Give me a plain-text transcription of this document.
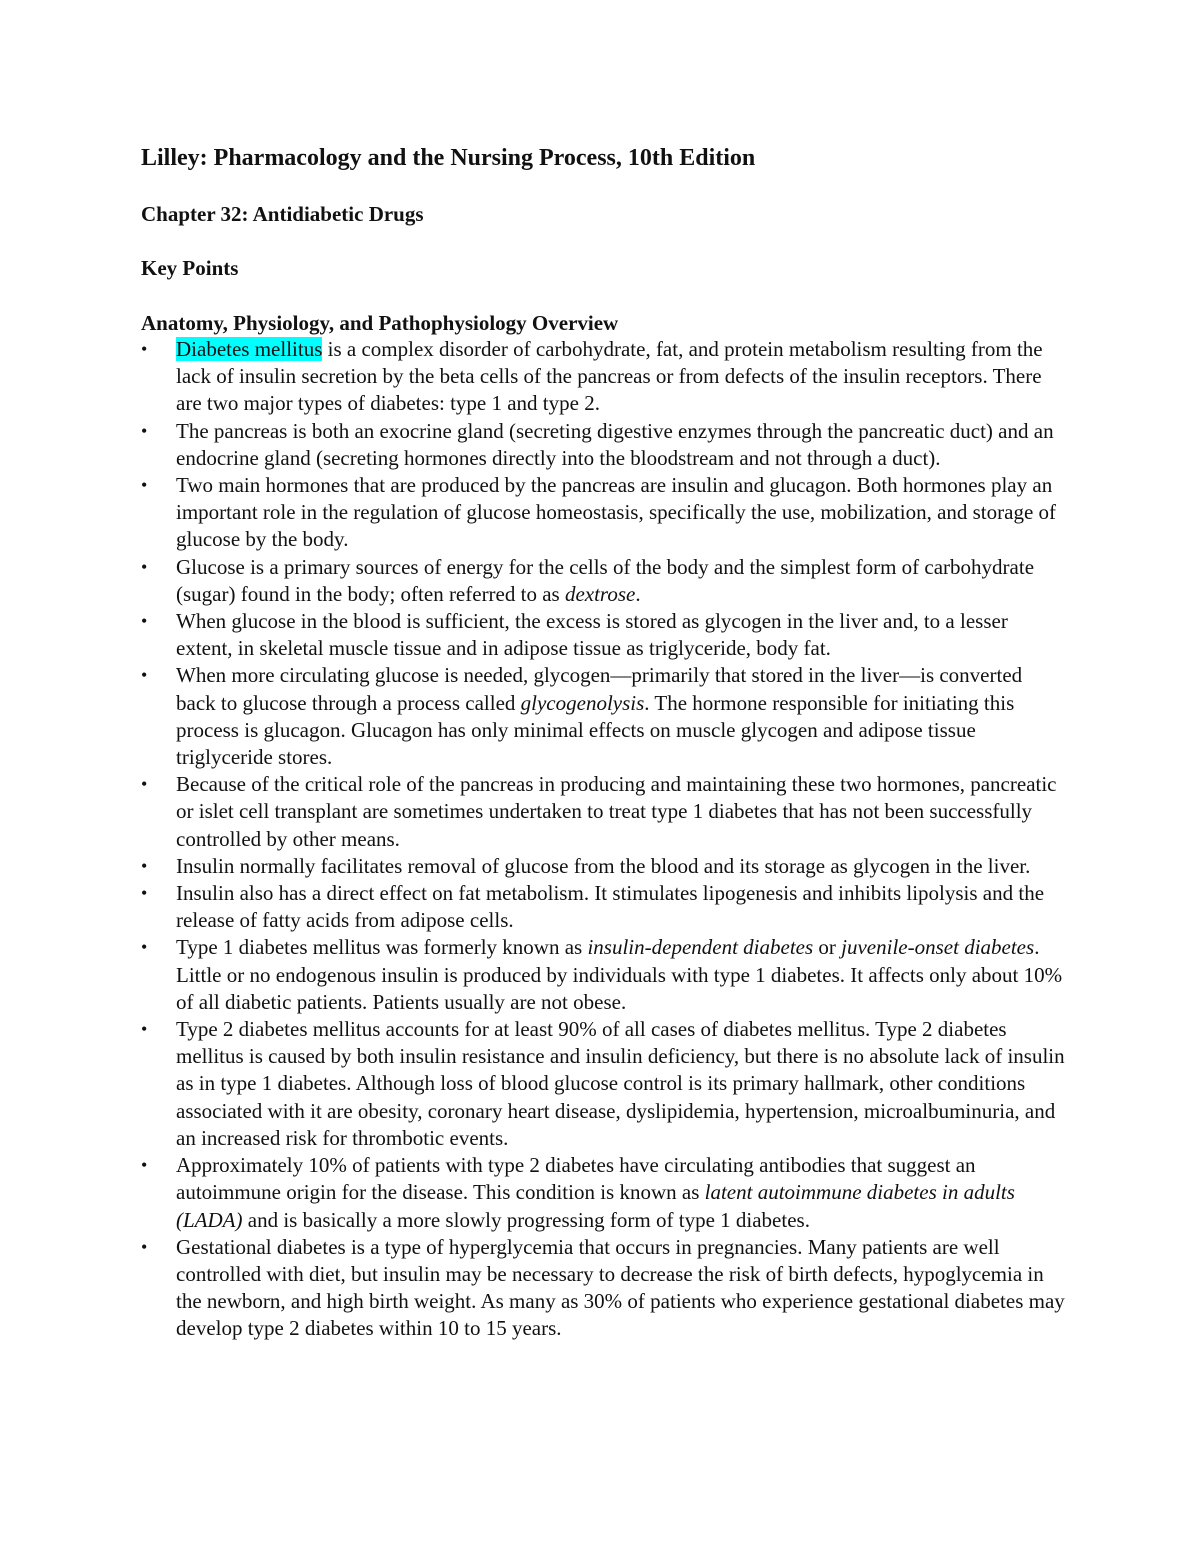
Lilley: Pharmacology and the Nursing Process, 10th Edition
Chapter 32: Antidiabetic Drugs
Key Points
Anatomy, Physiology, and Pathophysiology Overview
• Diabetes mellitus is a complex disorder of carbohydrate, fat, and protein metabolism resulting from the lack of insulin secretion by the beta cells of the pancreas or from defects of the insulin receptors. There are two major types of diabetes: type 1 and type 2.
• The pancreas is both an exocrine gland (secreting digestive enzymes through the pancreatic duct) and an endocrine gland (secreting hormones directly into the bloodstream and not through a duct).
• Two main hormones that are produced by the pancreas are insulin and glucagon. Both hormones play an important role in the regulation of glucose homeostasis, specifically the use, mobilization, and storage of glucose by the body.
• Glucose is a primary sources of energy for the cells of the body and the simplest form of carbohydrate (sugar) found in the body; often referred to as dextrose.
• When glucose in the blood is sufficient, the excess is stored as glycogen in the liver and, to a lesser extent, in skeletal muscle tissue and in adipose tissue as triglyceride, body fat.
• When more circulating glucose is needed, glycogen—primarily that stored in the liver—is converted back to glucose through a process called glycogenolysis. The hormone responsible for initiating this process is glucagon. Glucagon has only minimal effects on muscle glycogen and adipose tissue triglyceride stores.
• Because of the critical role of the pancreas in producing and maintaining these two hormones, pancreatic or islet cell transplant are sometimes undertaken to treat type 1 diabetes that has not been successfully controlled by other means.
• Insulin normally facilitates removal of glucose from the blood and its storage as glycogen in the liver.
• Insulin also has a direct effect on fat metabolism. It stimulates lipogenesis and inhibits lipolysis and the release of fatty acids from adipose cells.
• Type 1 diabetes mellitus was formerly known as insulin-dependent diabetes or juvenile-onset diabetes. Little or no endogenous insulin is produced by individuals with type 1 diabetes. It affects only about 10% of all diabetic patients. Patients usually are not obese.
• Type 2 diabetes mellitus accounts for at least 90% of all cases of diabetes mellitus. Type 2 diabetes mellitus is caused by both insulin resistance and insulin deficiency, but there is no absolute lack of insulin as in type 1 diabetes. Although loss of blood glucose control is its primary hallmark, other conditions associated with it are obesity, coronary heart disease, dyslipidemia, hypertension, microalbuminuria, and an increased risk for thrombotic events.
• Approximately 10% of patients with type 2 diabetes have circulating antibodies that suggest an autoimmune origin for the disease. This condition is known as latent autoimmune diabetes in adults (LADA) and is basically a more slowly progressing form of type 1 diabetes.
• Gestational diabetes is a type of hyperglycemia that occurs in pregnancies. Many patients are well controlled with diet, but insulin may be necessary to decrease the risk of birth defects, hypoglycemia in the newborn, and high birth weight. As many as 30% of patients who experience gestational diabetes may develop type 2 diabetes within 10 to 15 years.
